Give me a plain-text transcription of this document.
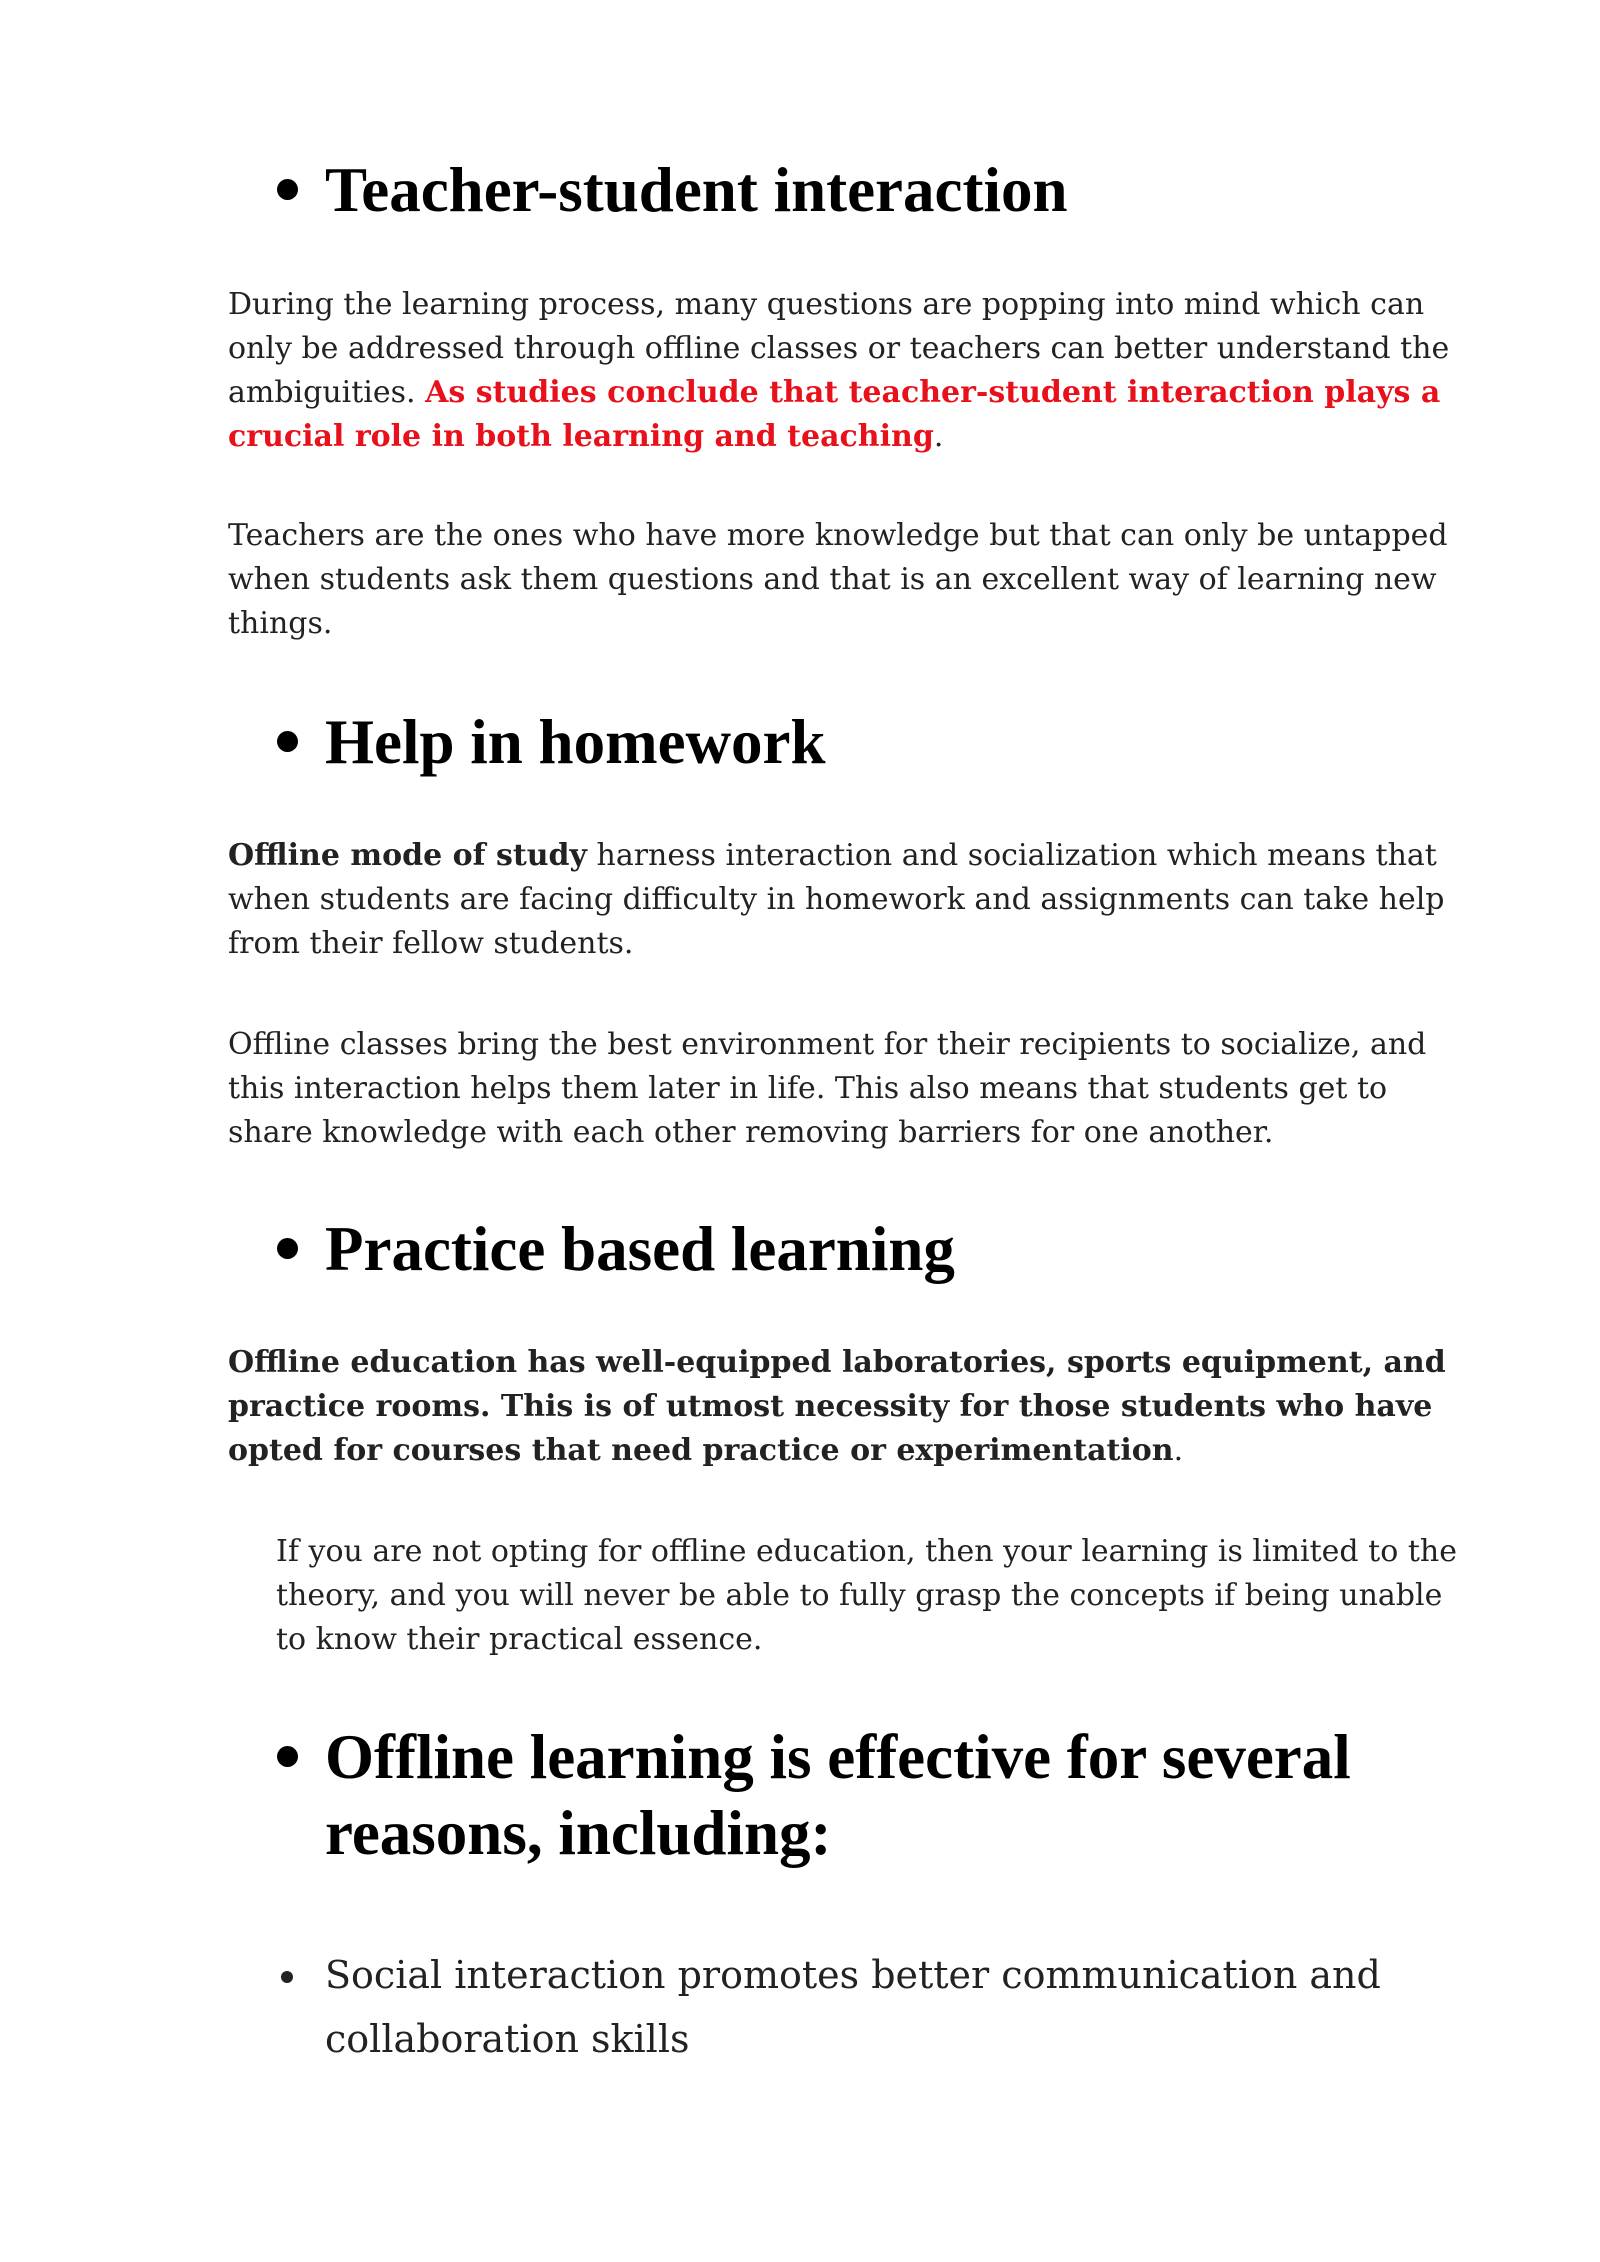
Teacher-student interaction

During the learning process, many questions are popping into mind which can only be addressed through offline classes or teachers can better understand the ambiguities. As studies conclude that teacher-student interaction plays a crucial role in both learning and teaching.

Teachers are the ones who have more knowledge but that can only be untapped when students ask them questions and that is an excellent way of learning new things.

Help in homework

Offline mode of study harness interaction and socialization which means that when students are facing difficulty in homework and assignments can take help from their fellow students.

Offline classes bring the best environment for their recipients to socialize, and this interaction helps them later in life. This also means that students get to share knowledge with each other removing barriers for one another.

Practice based learning

Offline education has well-equipped laboratories, sports equipment, and practice rooms. This is of utmost necessity for those students who have opted for courses that need practice or experimentation.

If you are not opting for offline education, then your learning is limited to the theory, and you will never be able to fully grasp the concepts if being unable to know their practical essence.

Offline learning is effective for several reasons, including:

Social interaction promotes better communication and collaboration skills
